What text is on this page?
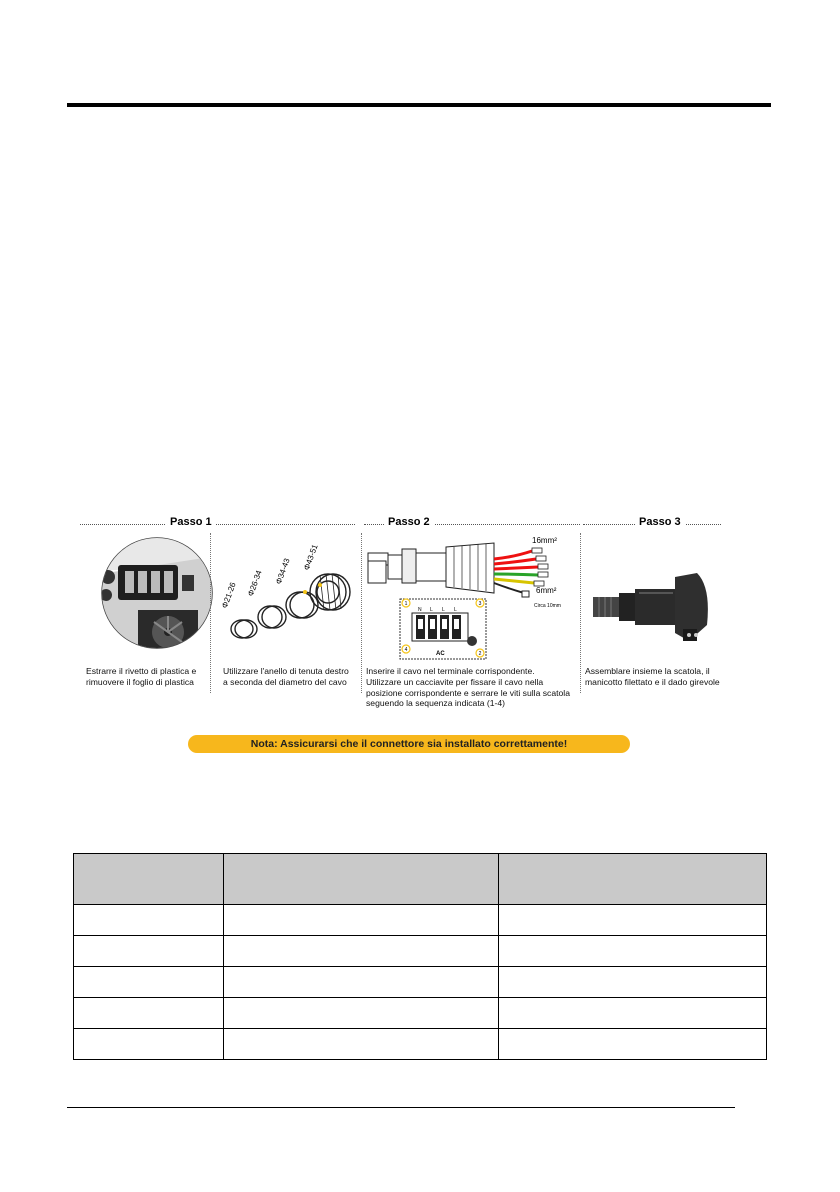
Passo 1
Φ21-26 Φ26-34 Φ34-43 Φ43-51
Estrarre il rivetto di plastica e rimuovere il foglio di plastica
Utilizzare l'anello di tenuta destro a seconda del diametro del cavo
Passo 2
16mm²
6mm²
Circa 10mm
N L L L
AC
1
2
3
4
Inserire il cavo nel terminale corrispondente.
Utilizzare un cacciavite per fissare il cavo nella posizione corrispondente e serrare le viti sulla scatola seguendo la sequenza indicata (1-4)
Passo 3
Assemblare insieme la scatola, il manicotto filettato e il dado girevole
Nota: Assicurarsi che il connettore sia installato correttamente!
